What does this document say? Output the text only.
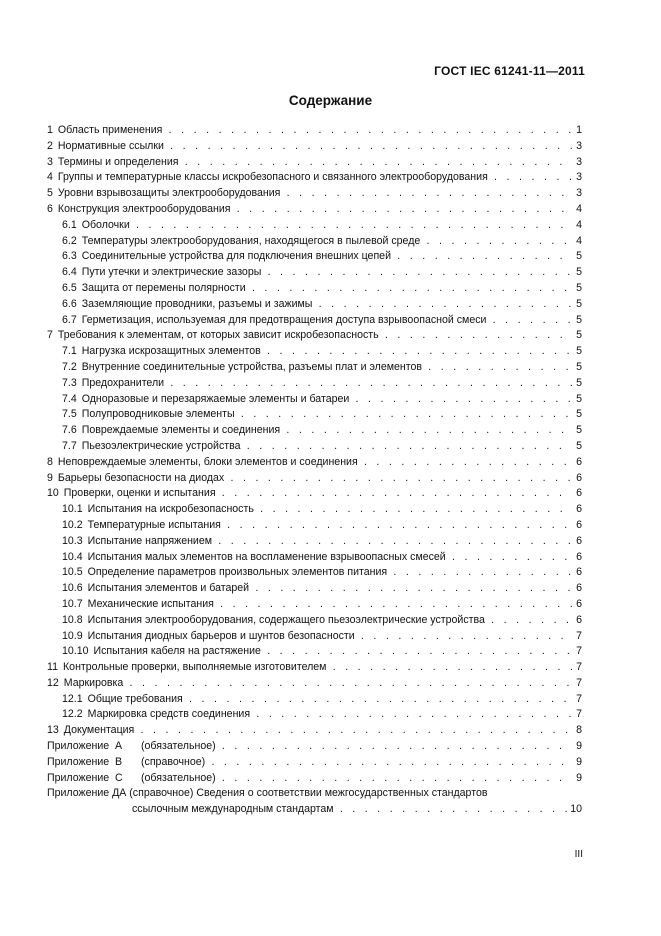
ГОСТ IEC 61241-11—2011
Содержание
1 Область применения . . .	1
2 Нормативные ссылки . . .	3
3 Термины и определения . . .	3
4 Группы и температурные классы искробезопасного и связанного электрооборудования . . .	3
5 Уровни взрывозащиты электрооборудования . . .	3
6 Конструкция электрооборудования . . .	4
6.1 Оболочки . . .	4
6.2 Температуры электрооборудования, находящегося в пылевой среде . . .	4
6.3 Соединительные устройства для подключения внешних цепей . . .	5
6.4 Пути утечки и электрические зазоры . . .	5
6.5 Защита от перемены полярности . . .	5
6.6 Заземляющие проводники, разъемы и зажимы . . .	5
6.7 Герметизация, используемая для предотвращения доступа взрывоопасной смеси . . .	5
7 Требования к элементам, от которых зависит искробезопасность . . .	5
7.1 Нагрузка искрозащитных элементов . . .	5
7.2 Внутренние соединительные устройства, разъемы плат и элементов . . .	5
7.3 Предохранители . . .	5
7.4 Одноразовые и перезаряжаемые элементы и батареи . . .	5
7.5 Полупроводниковые элементы . . .	5
7.6 Повреждаемые элементы и соединения . . .	5
7.7 Пьезоэлектрические устройства . . .	5
8 Неповреждаемые элементы, блоки элементов и соединения . . .	6
9 Барьеры безопасности на диодах . . .	6
10 Проверки, оценки и испытания . . .	6
10.1 Испытания на искробезопасность . . .	6
10.2 Температурные испытания . . .	6
10.3 Испытание напряжением . . .	6
10.4 Испытания малых элементов на воспламенение взрывоопасных смесей . . .	6
10.5 Определение параметров произвольных элементов питания . . .	6
10.6 Испытания элементов и батарей . . .	6
10.7 Механические испытания . . .	6
10.8 Испытания электрооборудования, содержащего пьезоэлектрические устройства . . .	6
10.9 Испытания диодных барьеров и шунтов безопасности . . .	7
10.10 Испытания кабеля на растяжение . . .	7
11 Контрольные проверки, выполняемые изготовителем . . .	7
12 Маркировка . . .	7
12.1 Общие требования . . .	7
12.2 Маркировка средств соединения . . .	7
13 Документация . . .	8
Приложение А (обязательное) . . .	9
Приложение В (справочное) . . .	9
Приложение С (обязательное) . . .	9
Приложение ДА (справочное) Сведения о соответствии межгосударственных стандартов
ссылочным международным стандартам . . .	10
III
